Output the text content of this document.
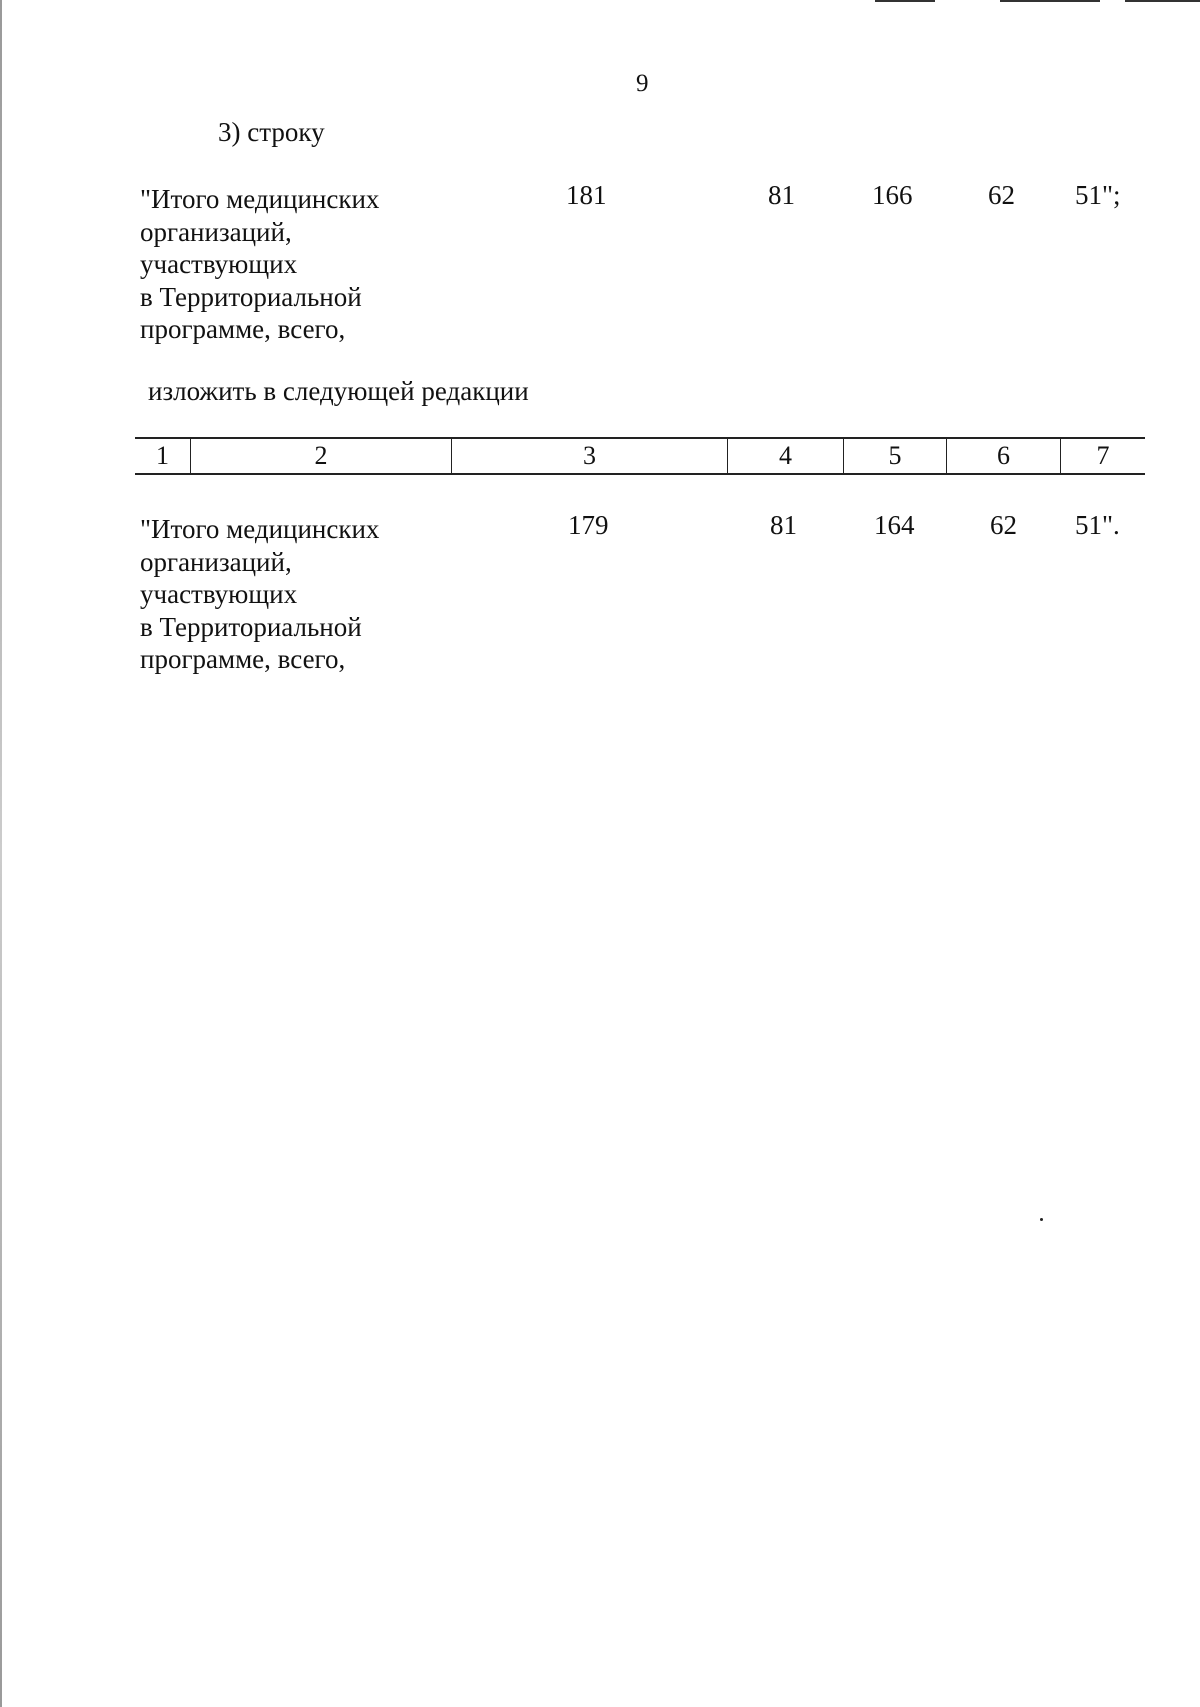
9
3) строку
"Итого медицинских
организаций,
участвующих
в Территориальной
программе, всего,
181	81	166	62 51";
изложить в следующей редакции
1	2	3	4	5	6	7
"Итого медицинских
организаций,
участвующих
в Территориальной
программе, всего,
179	81	164	62 51".
